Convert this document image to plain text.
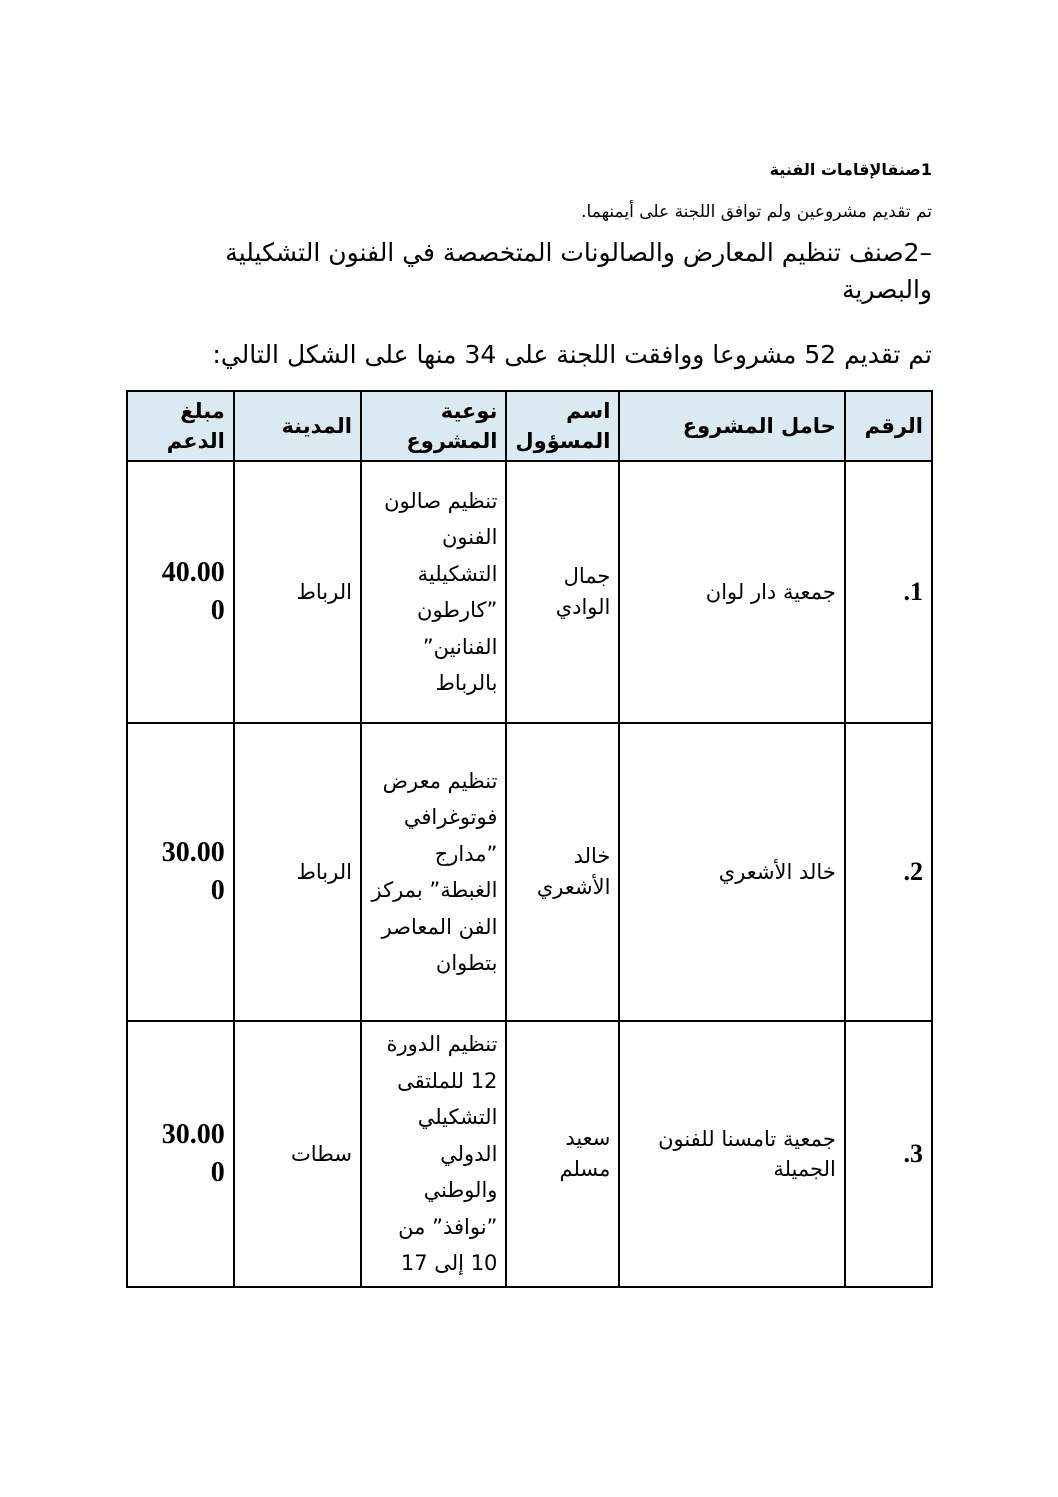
1صنفالإقامات الفنية
تم تقديم مشروعين ولم توافق اللجنة على أيمنهما.
–2صنف تنظيم المعارض والصالونات المتخصصة في الفنون التشكيلية والبصرية
تم تقديم 52 مشروعا ووافقت اللجنة على 34 منها على الشكل التالي:
الرقم	حامل المشروع	اسم المسؤول	نوعية المشروع	المدينة	مبلغ الدعم
1.	جمعية دار لوان	جمال الوادي	تنظيم صالون الفنون التشكيلية ”كارطون الفنانين” بالرباط	الرباط	40.000

2.	خالد الأشعري	خالد الأشعري	تنظيم معرض فوتوغرافي ”مدارج الغبطة” بمركز الفن المعاصر بتطوان	الرباط	30.000

3.	جمعية تامسنا للفنون الجميلة	سعيد مسلم	تنظيم الدورة 12 للملتقى التشكيلي الدولي والوطني ”نوافذ” من 10 إلى 17	سطات	30.000
